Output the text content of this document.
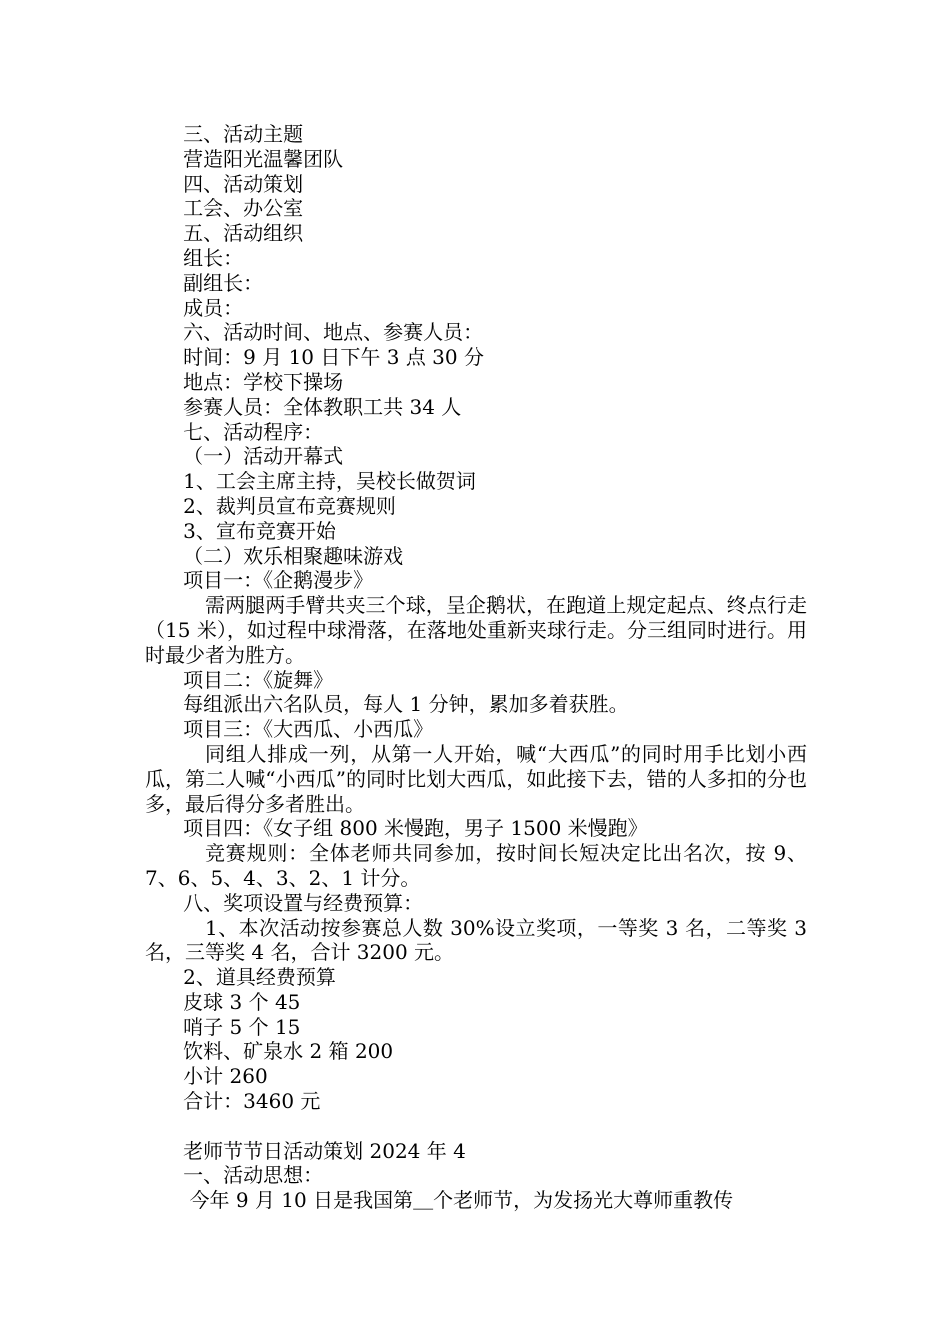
三、活动主题
营造阳光温馨团队
四、活动策划
工会、办公室
五、活动组织
组长：
副组长：
成员：
六、活动时间、地点、参赛人员：
时间：9 月 10 日下午 3 点 30 分
地点：学校下操场
参赛人员：全体教职工共 34 人
七、活动程序：
（一）活动开幕式
1、工会主席主持，吴校长做贺词
2、裁判员宣布竞赛规则
3、宣布竞赛开始
（二）欢乐相聚趣味游戏
项目一：《企鹅漫步》
需两腿两手臂共夹三个球，呈企鹅状，在跑道上规定起点、终点行走（15 米），如过程中球滑落，在落地处重新夹球行走。分三组同时进行。用时最少者为胜方。
项目二：《旋舞》
每组派出六名队员，每人 1 分钟，累加多着获胜。
项目三：《大西瓜、小西瓜》
同组人排成一列，从第一人开始，喊“大西瓜”的同时用手比划小西瓜，第二人喊“小西瓜”的同时比划大西瓜，如此接下去，错的人多扣的分也多，最后得分多者胜出。
项目四：《女子组 800 米慢跑，男子 1500 米慢跑》
竞赛规则：全体老师共同参加，按时间长短决定比出名次，按 9、7、6、5、4、3、2、1 计分。
八、奖项设置与经费预算：
1、本次活动按参赛总人数 30%设立奖项，一等奖 3 名，二等奖 3 名，三等奖 4 名，合计 3200 元。
2、道具经费预算
皮球 3 个 45
哨子 5 个 15
饮料、矿泉水 2 箱 200
小计 260
合计：3460 元
老师节节日活动策划 2024 年 4
一、活动思想：
今年 9 月 10 日是我国第＿个老师节，为发扬光大尊师重教传
